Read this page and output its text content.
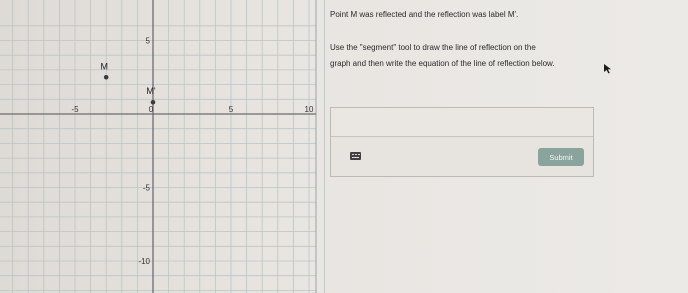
-5	5	10
0
5
-5
-10
M
M'
Point M was reflected and the reflection was label M'.
Use the "segment" tool to draw the line of reflection on the
graph and then write the equation of the line of reflection below.
Submit
